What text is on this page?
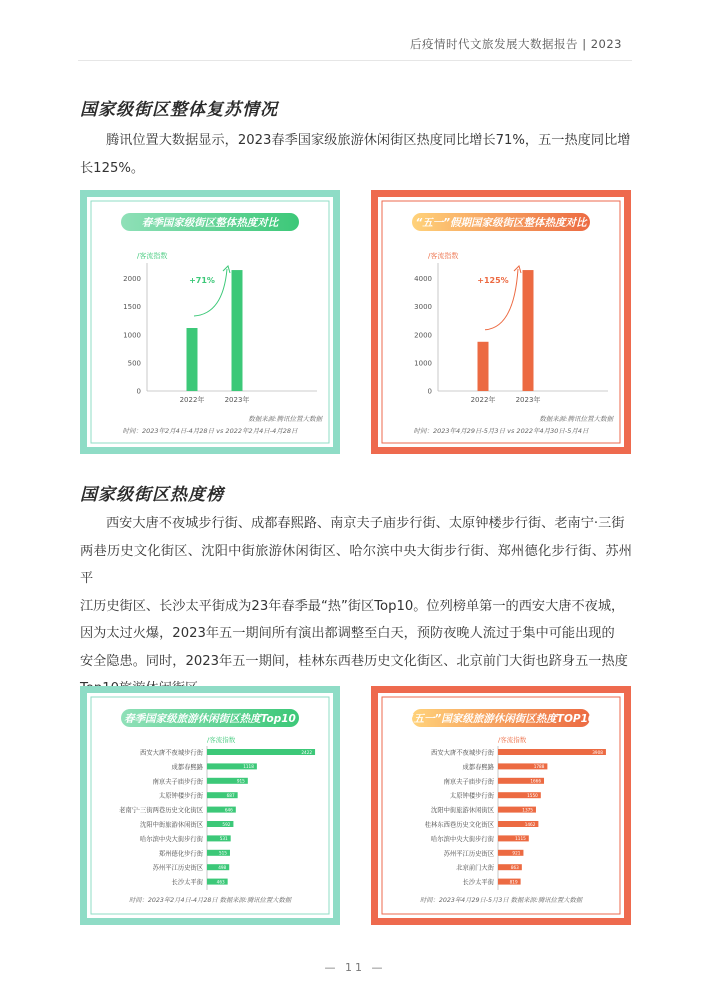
后疫情时代文旅发展大数据报告 | 2023
国家级街区整体复苏情况
腾讯位置大数据显示，2023春季国家级旅游休闲街区热度同比增长71%，五一热度同比增
长125%。
春季国家级街区整体热度对比
/客流指数
0
500
1000
1500
2000
2022年	2023年
+71%
数据来源:腾讯位置大数据
时间：2023年2月4日-4月28日 vs 2022年2月4日-4月28日
“五一”假期国家级街区整体热度对比
/客流指数
0
1000
2000
3000
4000
2022年	2023年
+125%
数据来源:腾讯位置大数据
时间：2023年4月29日-5月3日 vs 2022年4月30日-5月4日
国家级街区热度榜
西安大唐不夜城步行街、成都春熙路、南京夫子庙步行街、太原钟楼步行街、老南宁·三街
两巷历史文化街区、沈阳中街旅游休闲街区、哈尔滨中央大街步行街、郑州德化步行街、苏州平
江历史街区、长沙太平街成为23年春季最“热”街区Top10。位列榜单第一的西安大唐不夜城，
因为太过火爆，2023年五一期间所有演出都调整至白天，预防夜晚人流过于集中可能出现的
安全隐患。同时，2023年五一期间，桂林东西巷历史文化街区、北京前门大街也跻身五一热度
春季国家级旅游休闲街区热度Top10
/客流指数
西安大唐不夜城步行街	2422
成都春熙路	1118
南京夫子庙步行街	915
太原钟楼步行街	687
老南宁·三街两巷历史文化街区	646
沈阳中街旅游休闲街区	592
哈尔滨中央大街步行街	531
郑州德化步行街	515
苏州平江历史街区	498
长沙太平街	463
时间：2023年2月4日-4月28日 数据来源:腾讯位置大数据
“五一”国家级旅游休闲街区热度TOP10
/客流指数
西安大唐不夜城步行街	3908
成都春熙路	1788
南京夫子庙步行街	1666
太原钟楼步行街	1550
沈阳中街旅游休闲街区	1375
桂林东西巷历史文化街区	1462
哈尔滨中央大街步行街	1115
苏州平江历史街区	921
北京前门大街	863
长沙太平街	819
时间：2023年4月29日-5月3日 数据来源:腾讯位置大数据
— 11 —
